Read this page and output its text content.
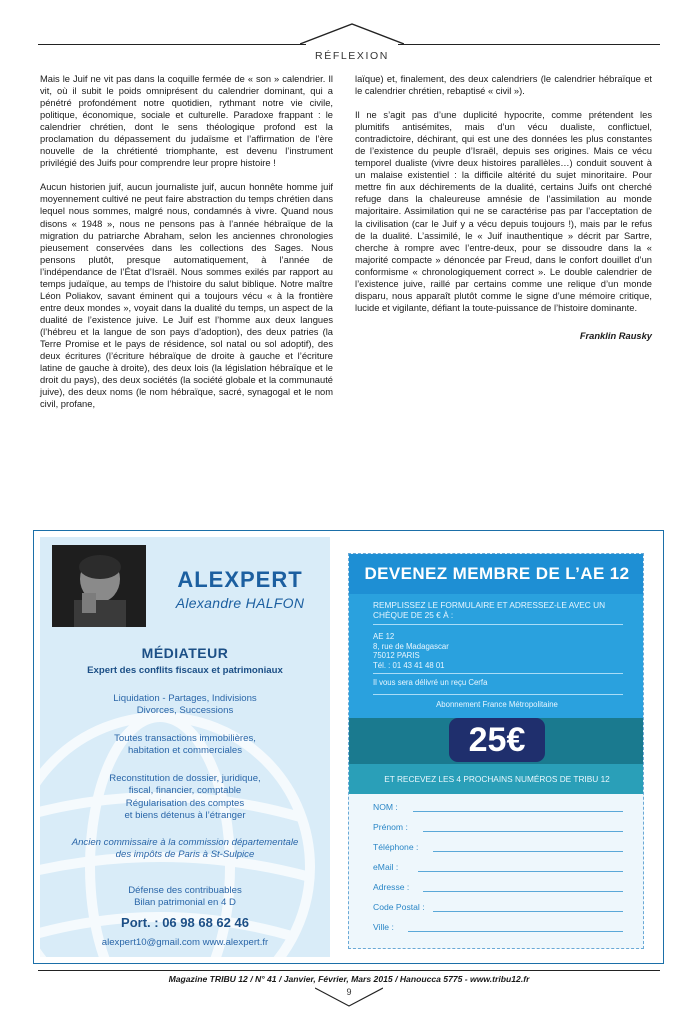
RÉFLEXION

Mais le Juif ne vit pas dans la coquille fermée de « son » calendrier. Il vit, où il subit le poids omniprésent du calendrier dominant, qui a pénétré profondément notre quotidien, rythmant notre vie civile, politique, économique, sociale et culturelle. Paradoxe frappant : le calendrier chrétien, dont le sens théologique profond est la proclamation du dépassement du judaïsme et l’affirmation de l’ère nouvelle de la chrétienté triomphante, est devenu l’instrument privilégié des Juifs pour comprendre leur propre histoire !

Aucun historien juif, aucun journaliste juif, aucun honnête homme juif moyennement cultivé ne peut faire abstraction du temps chrétien dans lequel nous sommes, malgré nous, condamnés à vivre. Quand nous disons « 1948 », nous ne pensons pas à l’année hébraïque de la migration du patriarche Abraham, selon les anciennes chronologies pieusement conservées dans les collections des Sages. Nous pensons plutôt, presque automatiquement, à l’année de l’indépendance de l’État d’Israël. Nous sommes exilés par rapport au temps judaïque, au temps de l’histoire du salut biblique. Notre maître Léon Poliakov, savant éminent qui a toujours vécu « à la frontière entre deux mondes », voyait dans la dualité du temps, un aspect de la dualité de l’existence juive. Le Juif est l’homme aux deux langues (l’hébreu et la langue de son pays d’adoption), des deux patries (la Terre Promise et le pays de résidence, sol natal ou sol adoptif), des deux écritures (l’écriture hébraïque de droite à gauche et l’écriture latine de gauche à droite), des deux lois (la législation hébraïque et le droit du pays), des deux sociétés (la société globale et la communauté juive), des deux noms (le nom hébraïque, sacré, synagogal et le nom civil, profane,

laïque) et, finalement, des deux calendriers (le calendrier hébraïque et le calendrier chrétien, rebaptisé « civil »).

Il ne s’agit pas d’une duplicité hypocrite, comme prétendent les plumitifs antisémites, mais d’un vécu dualiste, conflictuel, contradictoire, déchirant, qui est une des données les plus constantes de l’existence du peuple d’Israël, depuis ses origines. Mais ce vécu temporel dualiste (vivre deux histoires parallèles…) conduit souvent à un malaise existentiel : la difficile altérité du sujet minoritaire. Pour mettre fin aux déchirements de la dualité, certains Juifs ont cherché refuge dans la chaleureuse amnésie de l’assimilation au monde majoritaire. Assimilation qui ne se caractérise pas par l’acceptation de la civilisation (car le Juif y a vécu depuis toujours !), mais par le refus de la dualité. L’assimilé, le « Juif inauthentique » décrit par Sartre, cherche à rompre avec l’entre-deux, pour se dissoudre dans la « majorité compacte » dénoncée par Freud, dans le confort douillet d’un conformisme « chronologiquement correct ». Le double calendrier de l’existence juive, raillé par certains comme une relique d’un monde disparu, nous apparaît plutôt comme le signe d’une mémoire critique, lucide et vigilante, défiant la toute-puissance de l’histoire dominante.

Franklin Rausky
ALEXPERT
Alexandre HALFON
MÉDIATEUR
Expert des conflits fiscaux et patrimoniaux
Liquidation - Partages, Indivisions
Divorces, Successions
Toutes transactions immobilières,
habitation et commerciales
Reconstitution de dossier, juridique,
fiscal, financier, comptable
Régularisation des comptes
et biens détenus à l’étranger
Ancien commissaire à la commission départementale
des impôts de Paris à St-Sulpice
Défense des contribuables
Bilan patrimonial en 4 D
Port. : 06 98 68 62 46
alexpert10@gmail.com www.alexpert.fr
DEVENEZ MEMBRE DE L’AE 12
REMPLISSEZ LE FORMULAIRE ET ADRESSEZ-LE AVEC UN CHÈQUE DE 25 € À :
AE 12
8, rue de Madagascar
75012 PARIS
Tél. : 01 43 41 48 01
Il vous sera délivré un reçu Cerfa
Abonnement France Métropolitaine
25€
ET RECEVEZ LES 4 PROCHAINS NUMÉROS DE TRIBU 12
NOM :
Prénom :
Téléphone :
eMail :
Adresse :
Code Postal :
Ville :
Magazine TRIBU 12 / N° 41 / Janvier, Février, Mars 2015 / Hanoucca 5775 - www.tribu12.fr
9
